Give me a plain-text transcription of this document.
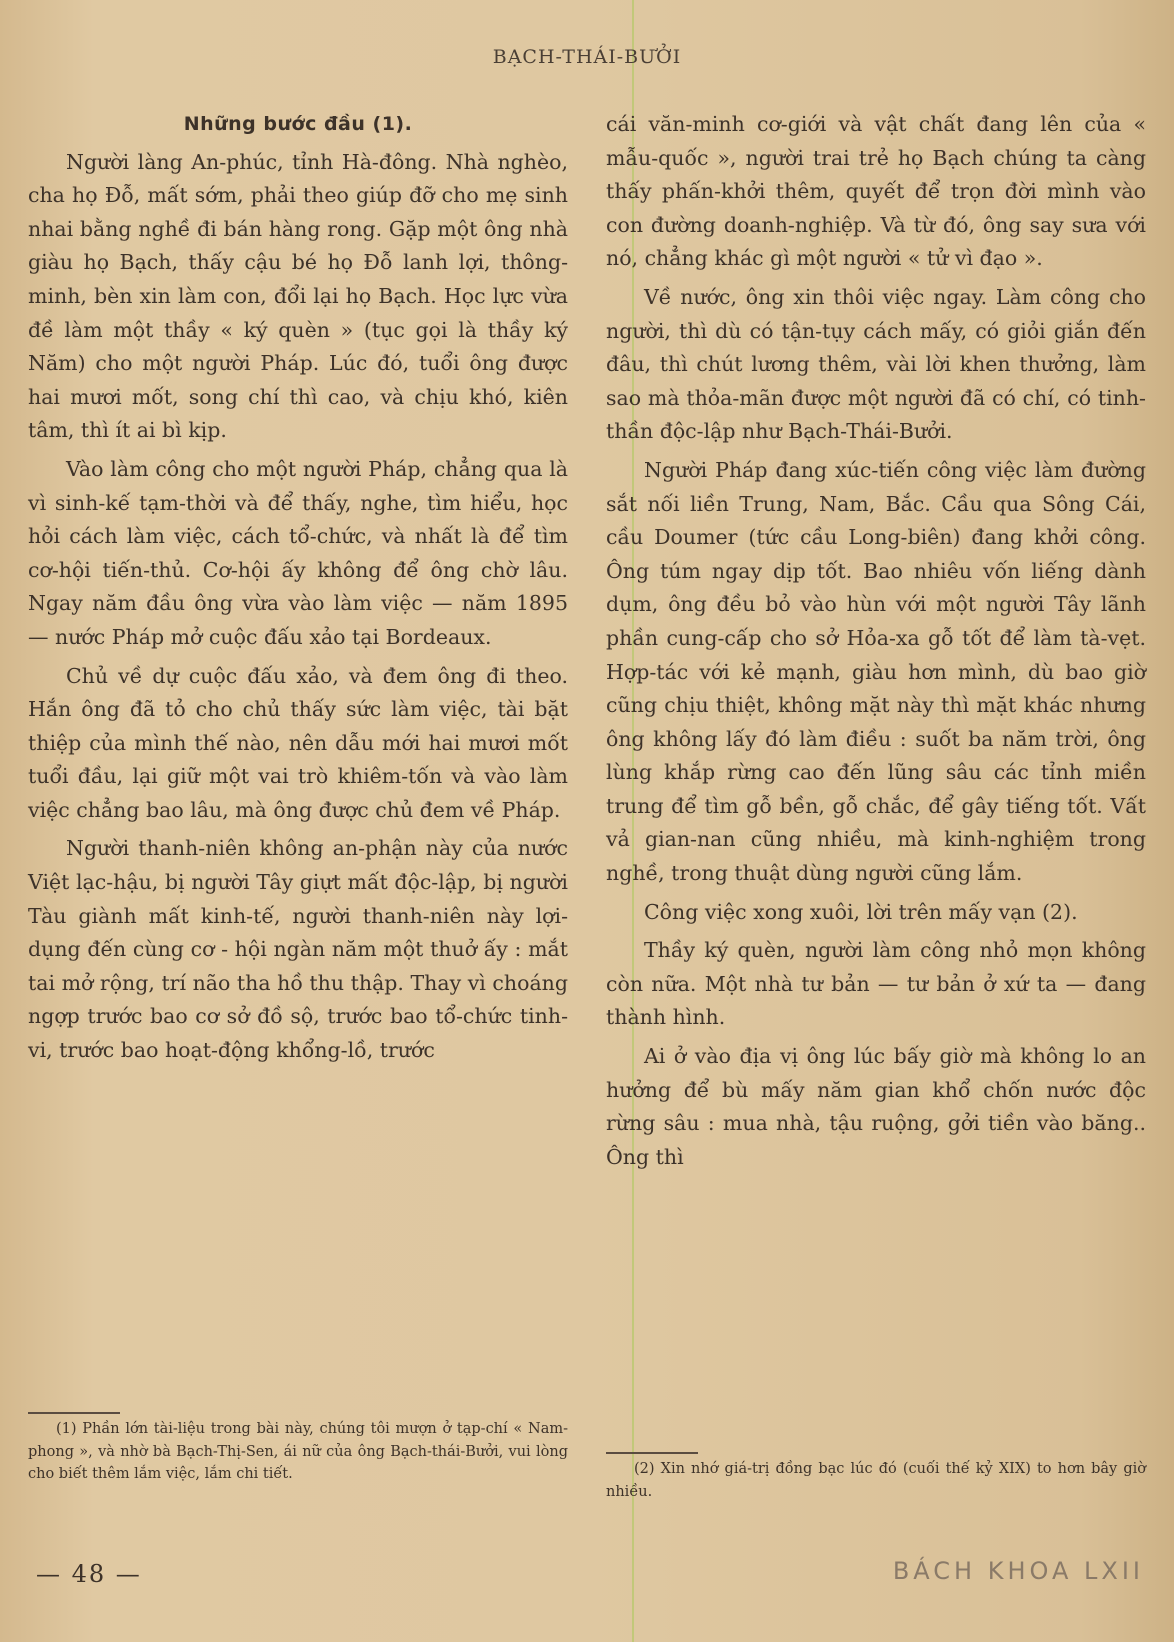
BẠCH-THÁI-BƯỞI
Những bước đầu (1).

Người làng An-phúc, tỉnh Hà-đông. Nhà nghèo, cha họ Đỗ, mất sớm, phải theo giúp đỡ cho mẹ sinh nhai bằng nghề đi bán hàng rong. Gặp một ông nhà giàu họ Bạch, thấy cậu bé họ Đỗ lanh lợi, thông-minh, bèn xin làm con, đổi lại họ Bạch. Học lực vừa đề làm một thầy « ký quèn » (tục gọi là thầy ký Năm) cho một người Pháp. Lúc đó, tuổi ông được hai mươi mốt, song chí thì cao, và chịu khó, kiên tâm, thì ít ai bì kịp.

Vào làm công cho một người Pháp, chẳng qua là vì sinh-kế tạm-thời và để thấy, nghe, tìm hiểu, học hỏi cách làm việc, cách tổ-chức, và nhất là để tìm cơ-hội tiến-thủ. Cơ-hội ấy không để ông chờ lâu. Ngay năm đầu ông vừa vào làm việc — năm 1895 — nước Pháp mở cuộc đấu xảo tại Bordeaux.

Chủ về dự cuộc đấu xảo, và đem ông đi theo. Hắn ông đã tỏ cho chủ thấy sức làm việc, tài bặt thiệp của mình thế nào, nên dẫu mới hai mươi mốt tuổi đầu, lại giữ một vai trò khiêm-tốn và vào làm việc chẳng bao lâu, mà ông được chủ đem về Pháp.

Người thanh-niên không an-phận này của nước Việt lạc-hậu, bị người Tây giựt mất độc-lập, bị người Tàu giành mất kinh-tế, người thanh-niên này lợi-dụng đến cùng cơ - hội ngàn năm một thuở ấy : mắt tai mở rộng, trí não tha hồ thu thập. Thay vì choáng ngợp trước bao cơ sở đồ sộ, trước bao tổ-chức tinh-vi, trước bao hoạt-động khổng-lồ, trước

cái văn-minh cơ-giới và vật chất đang lên của « mẫu-quốc », người trai trẻ họ Bạch chúng ta càng thấy phấn-khởi thêm, quyết để trọn đời mình vào con đường doanh-nghiệp. Và từ đó, ông say sưa với nó, chẳng khác gì một người « tử vì đạo ».

Về nước, ông xin thôi việc ngay. Làm công cho người, thì dù có tận-tụy cách mấy, có giỏi giắn đến đâu, thì chút lương thêm, vài lời khen thưởng, làm sao mà thỏa-mãn được một người đã có chí, có tinh-thần độc-lập như Bạch-Thái-Bưởi.

Người Pháp đang xúc-tiến công việc làm đường sắt nối liền Trung, Nam, Bắc. Cầu qua Sông Cái, cầu Doumer (tức cầu Long-biên) đang khởi công. Ông túm ngay dịp tốt. Bao nhiêu vốn liếng dành dụm, ông đều bỏ vào hùn với một người Tây lãnh phần cung-cấp cho sở Hỏa-xa gỗ tốt để làm tà-vẹt. Hợp-tác với kẻ mạnh, giàu hơn mình, dù bao giờ cũng chịu thiệt, không mặt này thì mặt khác nhưng ông không lấy đó làm điều : suốt ba năm trời, ông lùng khắp rừng cao đến lũng sâu các tỉnh miền trung để tìm gỗ bền, gỗ chắc, để gây tiếng tốt. Vất vả gian-nan cũng nhiều, mà kinh-nghiệm trong nghề, trong thuật dùng người cũng lắm.

Công việc xong xuôi, lời trên mấy vạn (2).

Thầy ký quèn, người làm công nhỏ mọn không còn nữa. Một nhà tư bản — tư bản ở xứ ta — đang thành hình.

Ai ở vào địa vị ông lúc bấy giờ mà không lo an hưởng để bù mấy năm gian khổ chốn nước độc rừng sâu : mua nhà, tậu ruộng, gởi tiền vào băng.. Ông thì

(1) Phần lớn tài-liệu trong bài này, chúng tôi mượn ở tạp-chí « Nam-phong », và nhờ bà Bạch-Thị-Sen, ái nữ của ông Bạch-thái-Bưởi, vui lòng cho biết thêm lắm việc, lắm chi tiết.	(2) Xin nhớ giá-trị đồng bạc lúc đó (cuối thế kỷ XIX) to hơn bây giờ nhiều.

— 48 —	BÁCH KHOA LXII
